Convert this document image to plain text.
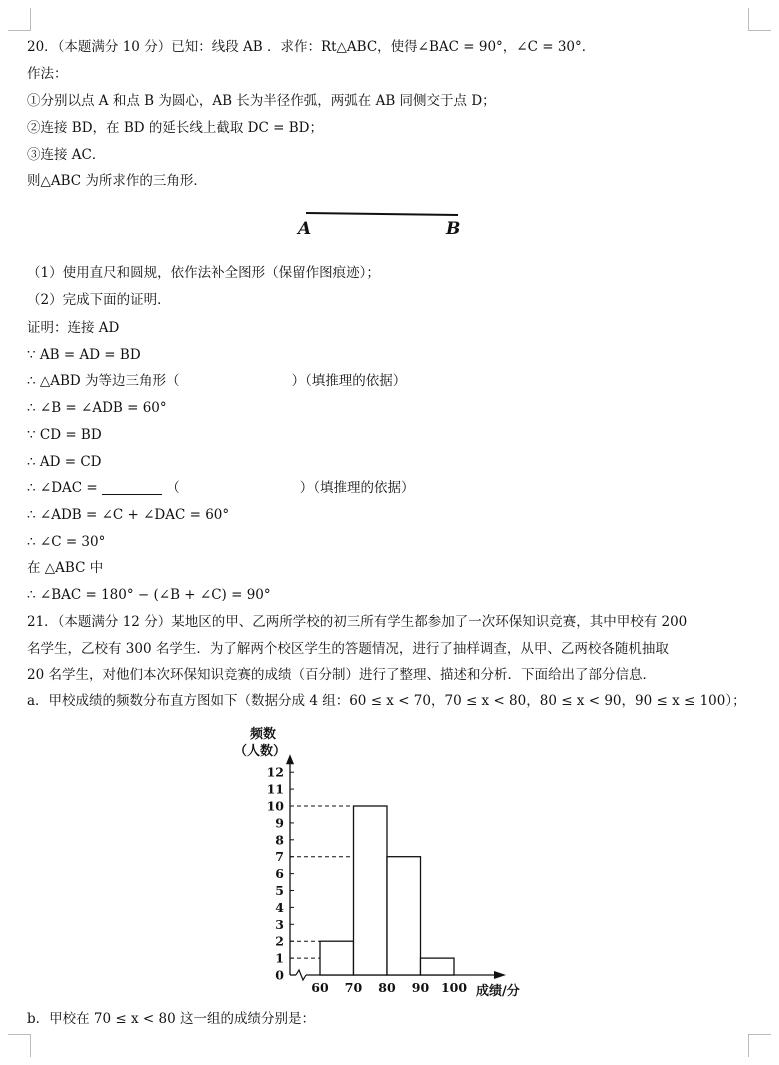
20．（本题满分 10 分）已知：线段 AB ．求作：Rt△ABC，使得∠BAC = 90°，∠C = 30°．
作法：
①分别以点 A 和点 B 为圆心，AB 长为半径作弧，两弧在 AB 同侧交于点 D；
②连接 BD，在 BD 的延长线上截取 DC = BD；
③连接 AC．
则△ABC 为所求作的三角形．
A	B
（1）使用直尺和圆规，依作法补全图形（保留作图痕迹）；
（2）完成下面的证明．
证明：连接 AD
∵ AB = AD = BD
∴ △ABD 为等边三角形（	）（填推理的依据）
∴ ∠B = ∠ADB = 60°
∵ CD = BD
∴ AD = CD
∴ ∠DAC =	（	）（填推理的依据）
∴ ∠ADB = ∠C + ∠DAC = 60°
∴ ∠C = 30°
在 △ABC 中
∴ ∠BAC = 180° − (∠B + ∠C) = 90°
21．（本题满分 12 分）某地区的甲、乙两所学校的初三所有学生都参加了一次环保知识竞赛，其中甲校有 200
名学生，乙校有 300 名学生．为了解两个校区学生的答题情况，进行了抽样调查，从甲、乙两校各随机抽取
20 名学生，对他们本次环保知识竞赛的成绩（百分制）进行了整理、描述和分析．下面给出了部分信息．
a．甲校成绩的频数分布直方图如下（数据分成 4 组：60 ≤ x < 70，70 ≤ x < 80，80 ≤ x < 90，90 ≤ x ≤ 100）；
频数
（人数）
成绩/分
0
1
2
3
4
5
6
7
8
9
10
11
12
60 70 80 90 100
b．甲校在 70 ≤ x < 80 这一组的成绩分别是：
